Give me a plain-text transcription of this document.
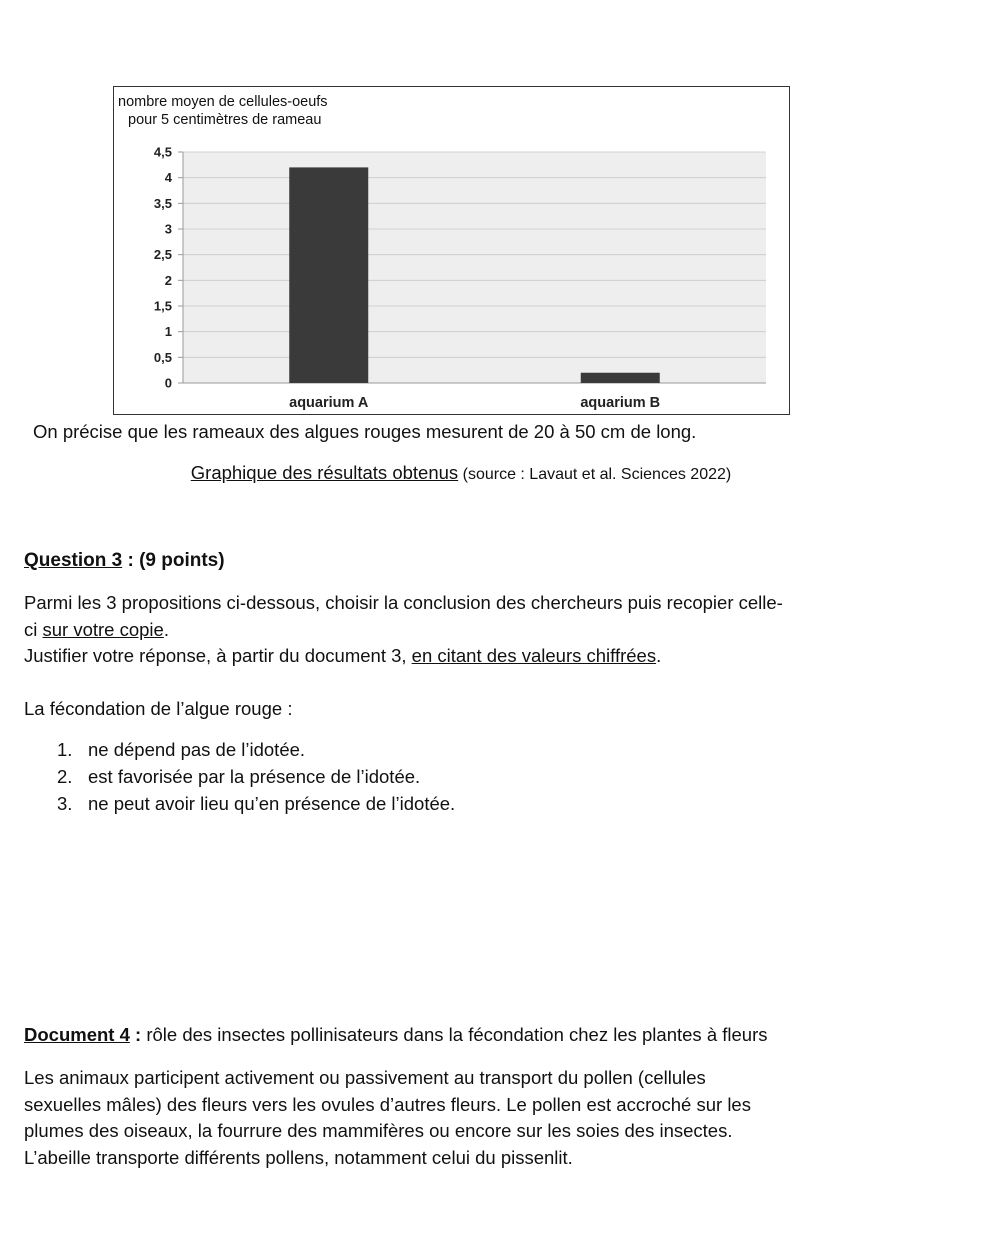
nombre moyen de cellules-oeufs
pour 5 centimètres de rameau
0
0,5
1
1,5
2
2,5
3
3,5
4
4,5
aquarium A	aquarium B
On précise que les rameaux des algues rouges mesurent de 20 à 50 cm de long.
Graphique des résultats obtenus (source : Lavaut et al. Sciences 2022)
Question 3 : (9 points)
Parmi les 3 propositions ci-dessous, choisir la conclusion des chercheurs puis recopier celle-
ci sur votre copie.
Justifier votre réponse, à partir du document 3, en citant des valeurs chiffrées.
La fécondation de l’algue rouge :
1. ne dépend pas de l’idotée.
2. est favorisée par la présence de l’idotée.
3. ne peut avoir lieu qu’en présence de l’idotée.
Document 4 : rôle des insectes pollinisateurs dans la fécondation chez les plantes à fleurs
Les animaux participent activement ou passivement au transport du pollen (cellules
sexuelles mâles) des fleurs vers les ovules d’autres fleurs. Le pollen est accroché sur les
plumes des oiseaux, la fourrure des mammifères ou encore sur les soies des insectes.
L’abeille transporte différents pollens, notamment celui du pissenlit.
